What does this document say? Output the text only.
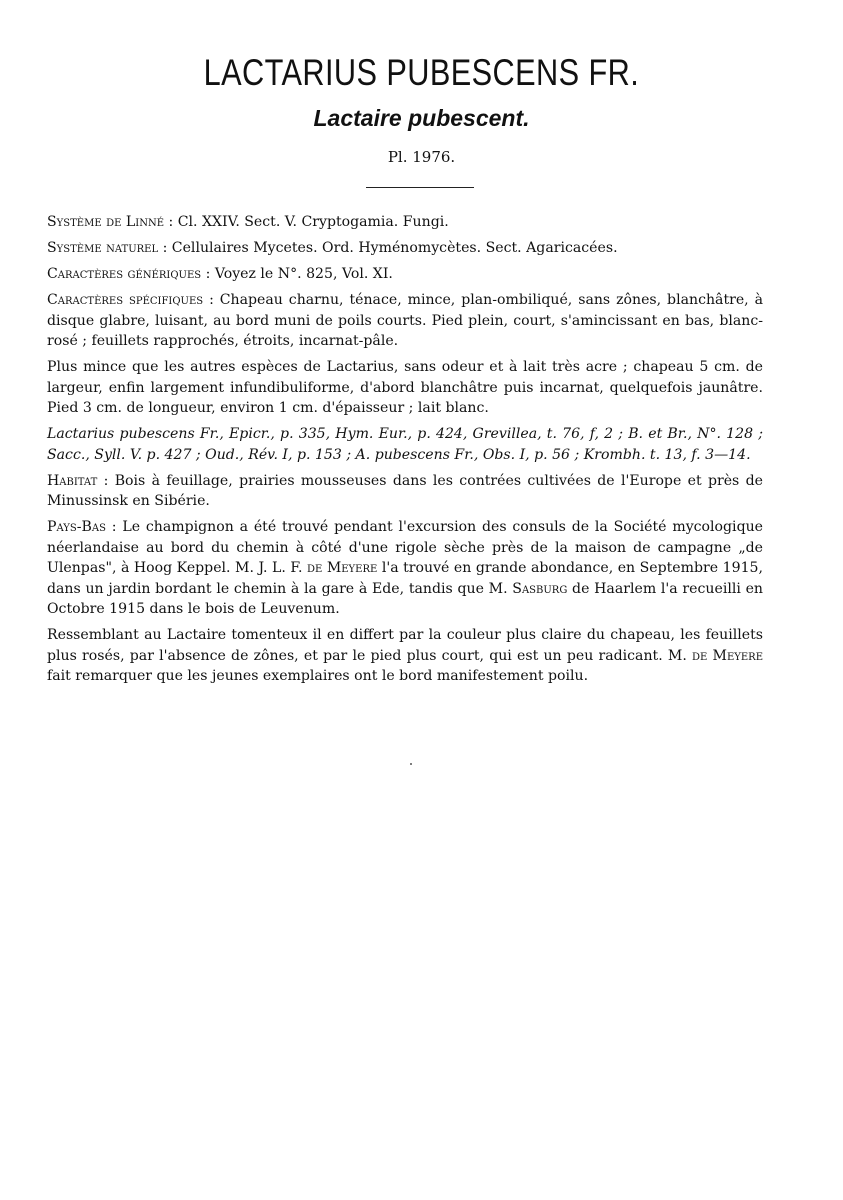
LACTARIUS PUBESCENS FR.
Lactaire pubescent.
Pl. 1976.

Système de Linné : Cl. XXIV. Sect. V. Cryptogamia. Fungi.

Système naturel : Cellulaires Mycetes. Ord. Hyménomycètes. Sect. Agaricacées.

Caractères génériques : Voyez le N°. 825, Vol. XI.

Caractères spécifiques : Chapeau charnu, ténace, mince, plan-ombiliqué, sans zônes, blanchâtre, à disque glabre, luisant, au bord muni de poils courts. Pied plein, court, s'amincissant en bas, blanc-rosé ; feuillets rapprochés, étroits, incarnat-pâle.

Plus mince que les autres espèces de Lactarius, sans odeur et à lait très acre ; chapeau 5 cm. de largeur, enfin largement infundibuliforme, d'abord blanchâtre puis incarnat, quelquefois jaunâtre. Pied 3 cm. de longueur, environ 1 cm. d'épaisseur ; lait blanc.

Lactarius pubescens Fr., Epicr., p. 335, Hym. Eur., p. 424, Grevillea, t. 76, f, 2 ; B. et Br., N°. 128 ; Sacc., Syll. V. p. 427 ; Oud., Rév. I, p. 153 ; A. pubescens Fr., Obs. I, p. 56 ; Krombh. t. 13, f. 3—14.

Habitat : Bois à feuillage, prairies mousseuses dans les contrées cultivées de l'Europe et près de Minussinsk en Sibérie.

Pays-Bas : Le champignon a été trouvé pendant l'excursion des consuls de la Société mycologique néerlandaise au bord du chemin à côté d'une rigole sèche près de la maison de campagne „de Ulenpas", à Hoog Keppel. M. J. L. F. de Meyere l'a trouvé en grande abondance, en Septembre 1915, dans un jardin bordant le chemin à la gare à Ede, tandis que M. Sasburg de Haarlem l'a recueilli en Octobre 1915 dans le bois de Leuvenum.

Ressemblant au Lactaire tomenteux il en differt par la couleur plus claire du chapeau, les feuillets plus rosés, par l'absence de zônes, et par le pied plus court, qui est un peu radicant. M. de Meyere fait remarquer que les jeunes exemplaires ont le bord manifestement poilu.
